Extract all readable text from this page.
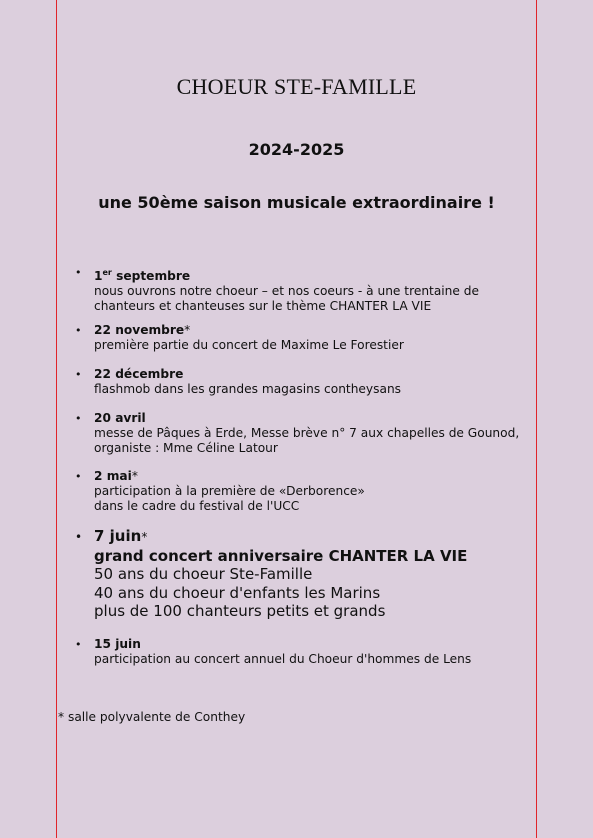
CHOEUR STE-FAMILLE
2024-2025
une 50ème saison musicale extraordinaire !
• 1er septembre
nous ouvrons notre choeur – et nos coeurs - à une trentaine de
chanteurs et chanteuses sur le thème CHANTER LA VIE
• 22 novembre*
première partie du concert de Maxime Le Forestier
• 22 décembre
flashmob dans les grandes magasins contheysans
• 20 avril
messe de Pâques à Erde, Messe brève n° 7 aux chapelles de Gounod,
organiste : Mme Céline Latour
• 2 mai*
participation à la première de «Derborence»
dans le cadre du festival de l'UCC
• 7 juin*
grand concert anniversaire CHANTER LA VIE
50 ans du choeur Ste-Famille
40 ans du choeur d'enfants les Marins
plus de 100 chanteurs petits et grands
• 15 juin
participation au concert annuel du Choeur d'hommes de Lens
* salle polyvalente de Conthey
